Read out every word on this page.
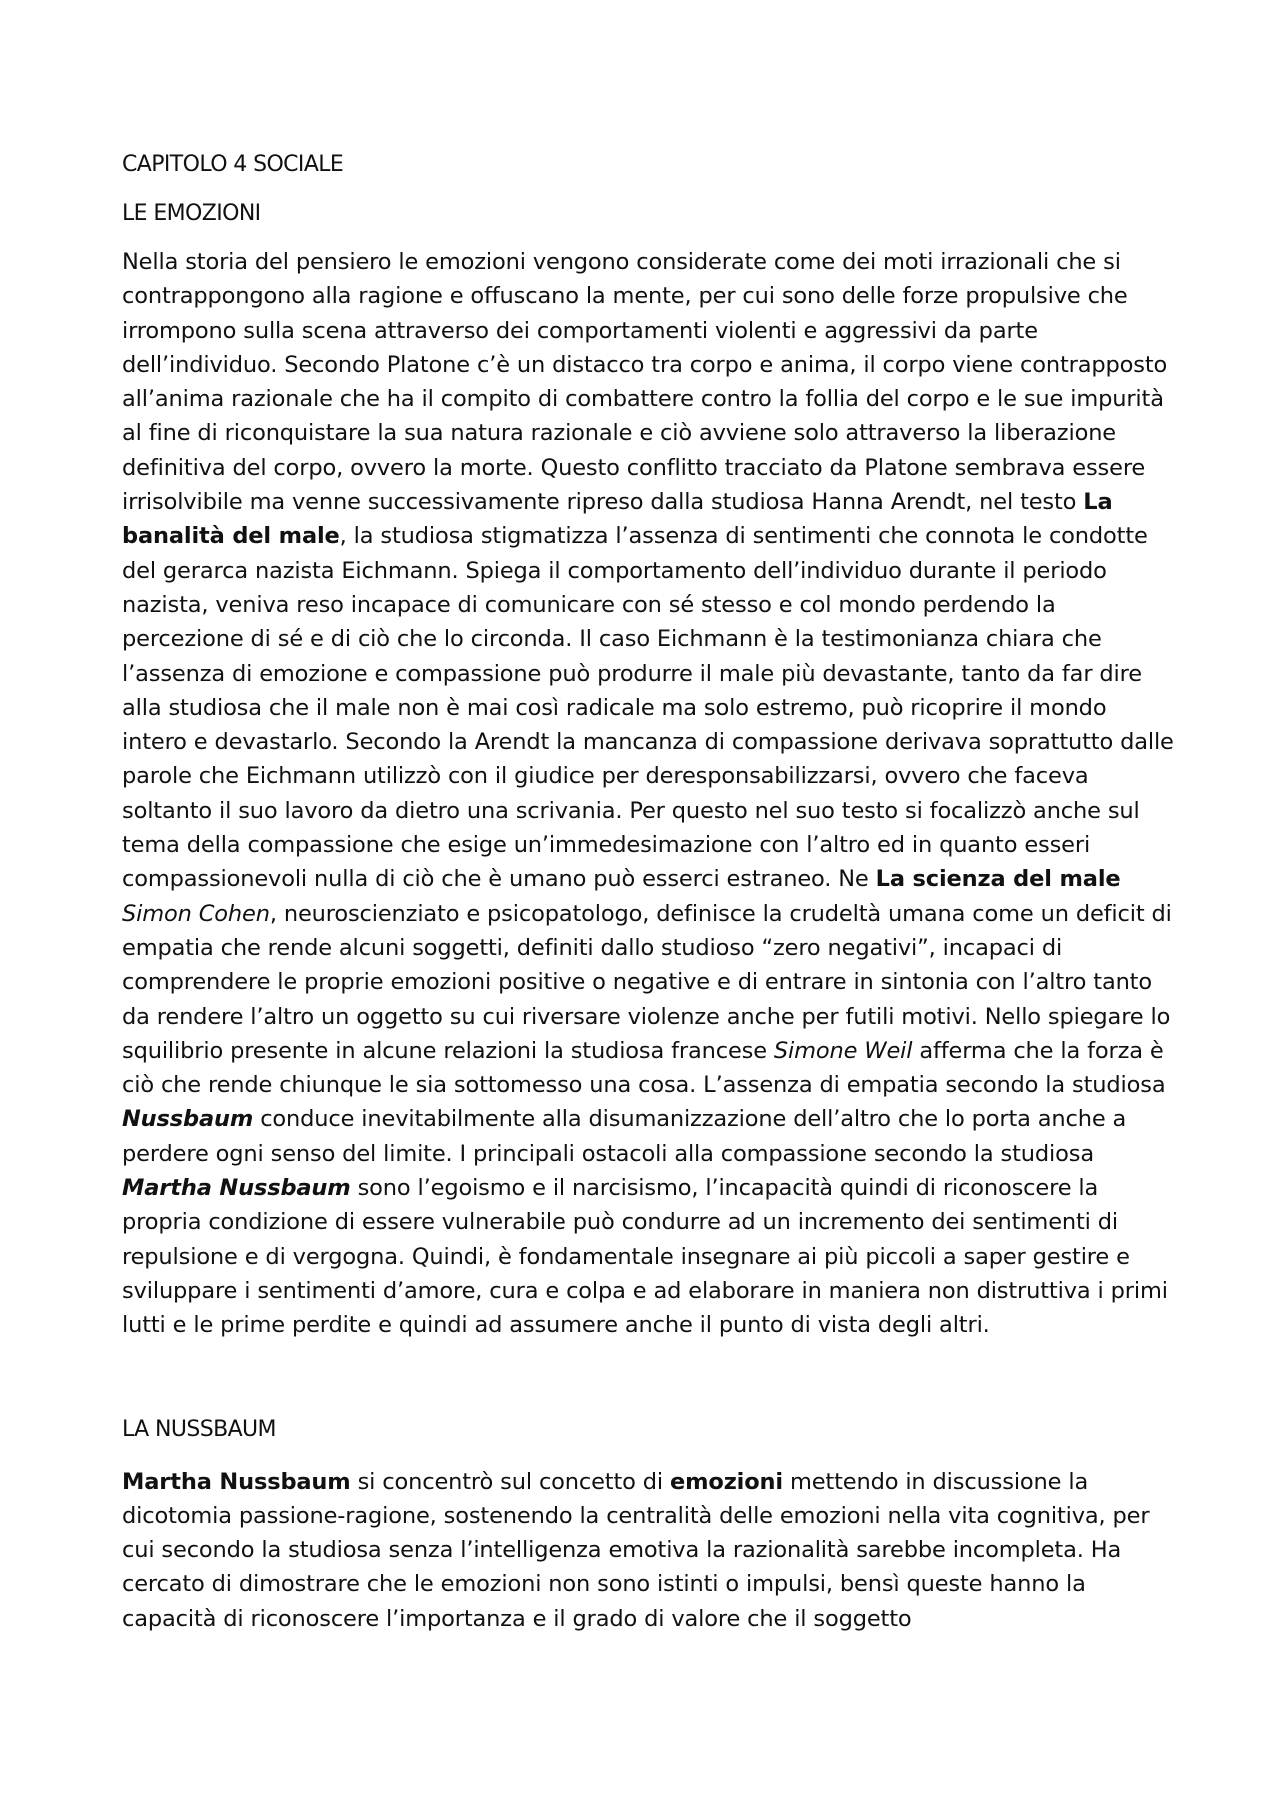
CAPITOLO 4 SOCIALE
LE EMOZIONI

Nella storia del pensiero le emozioni vengono considerate come dei moti irrazionali che si contrappongono alla ragione e offuscano la mente, per cui sono delle forze propulsive che irrompono sulla scena attraverso dei comportamenti violenti e aggressivi da parte dell’individuo. Secondo Platone c’è un distacco tra corpo e anima, il corpo viene contrapposto all’anima razionale che ha il compito di combattere contro la follia del corpo e le sue impurità al fine di riconquistare la sua natura razionale e ciò avviene solo attraverso la liberazione definitiva del corpo, ovvero la morte. Questo conflitto tracciato da Platone sembrava essere irrisolvibile ma venne successivamente ripreso dalla studiosa Hanna Arendt, nel testo La banalità del male, la studiosa stigmatizza l’assenza di sentimenti che connota le condotte del gerarca nazista Eichmann. Spiega il comportamento dell’individuo durante il periodo nazista, veniva reso incapace di comunicare con sé stesso e col mondo perdendo la percezione di sé e di ciò che lo circonda. Il caso Eichmann è la testimonianza chiara che l’assenza di emozione e compassione può produrre il male più devastante, tanto da far dire alla studiosa che il male non è mai così radicale ma solo estremo, può ricoprire il mondo intero e devastarlo. Secondo la Arendt la mancanza di compassione derivava soprattutto dalle parole che Eichmann utilizzò con il giudice per deresponsabilizzarsi, ovvero che faceva soltanto il suo lavoro da dietro una scrivania. Per questo nel suo testo si focalizzò anche sul tema della compassione che esige un’immedesimazione con l’altro ed in quanto esseri compassionevoli nulla di ciò che è umano può esserci estraneo. Ne La scienza del male Simon Cohen, neuroscienziato e psicopatologo, definisce la crudeltà umana come un deficit di empatia che rende alcuni soggetti, definiti dallo studioso “zero negativi”, incapaci di comprendere le proprie emozioni positive o negative e di entrare in sintonia con l’altro tanto da rendere l’altro un oggetto su cui riversare violenze anche per futili motivi. Nello spiegare lo squilibrio presente in alcune relazioni la studiosa francese Simone Weil afferma che la forza è ciò che rende chiunque le sia sottomesso una cosa. L’assenza di empatia secondo la studiosa Nussbaum conduce inevitabilmente alla disumanizzazione dell’altro che lo porta anche a perdere ogni senso del limite. I principali ostacoli alla compassione secondo la studiosa Martha Nussbaum sono l’egoismo e il narcisismo, l’incapacità quindi di riconoscere la propria condizione di essere vulnerabile può condurre ad un incremento dei sentimenti di repulsione e di vergogna. Quindi, è fondamentale insegnare ai più piccoli a saper gestire e sviluppare i sentimenti d’amore, cura e colpa e ad elaborare in maniera non distruttiva i primi lutti e le prime perdite e quindi ad assumere anche il punto di vista degli altri.

LA NUSSBAUM

Martha Nussbaum si concentrò sul concetto di emozioni mettendo in discussione la dicotomia passione-ragione, sostenendo la centralità delle emozioni nella vita cognitiva, per cui secondo la studiosa senza l’intelligenza emotiva la razionalità sarebbe incompleta. Ha cercato di dimostrare che le emozioni non sono istinti o impulsi, bensì queste hanno la capacità di riconoscere l’importanza e il grado di valore che il soggetto
